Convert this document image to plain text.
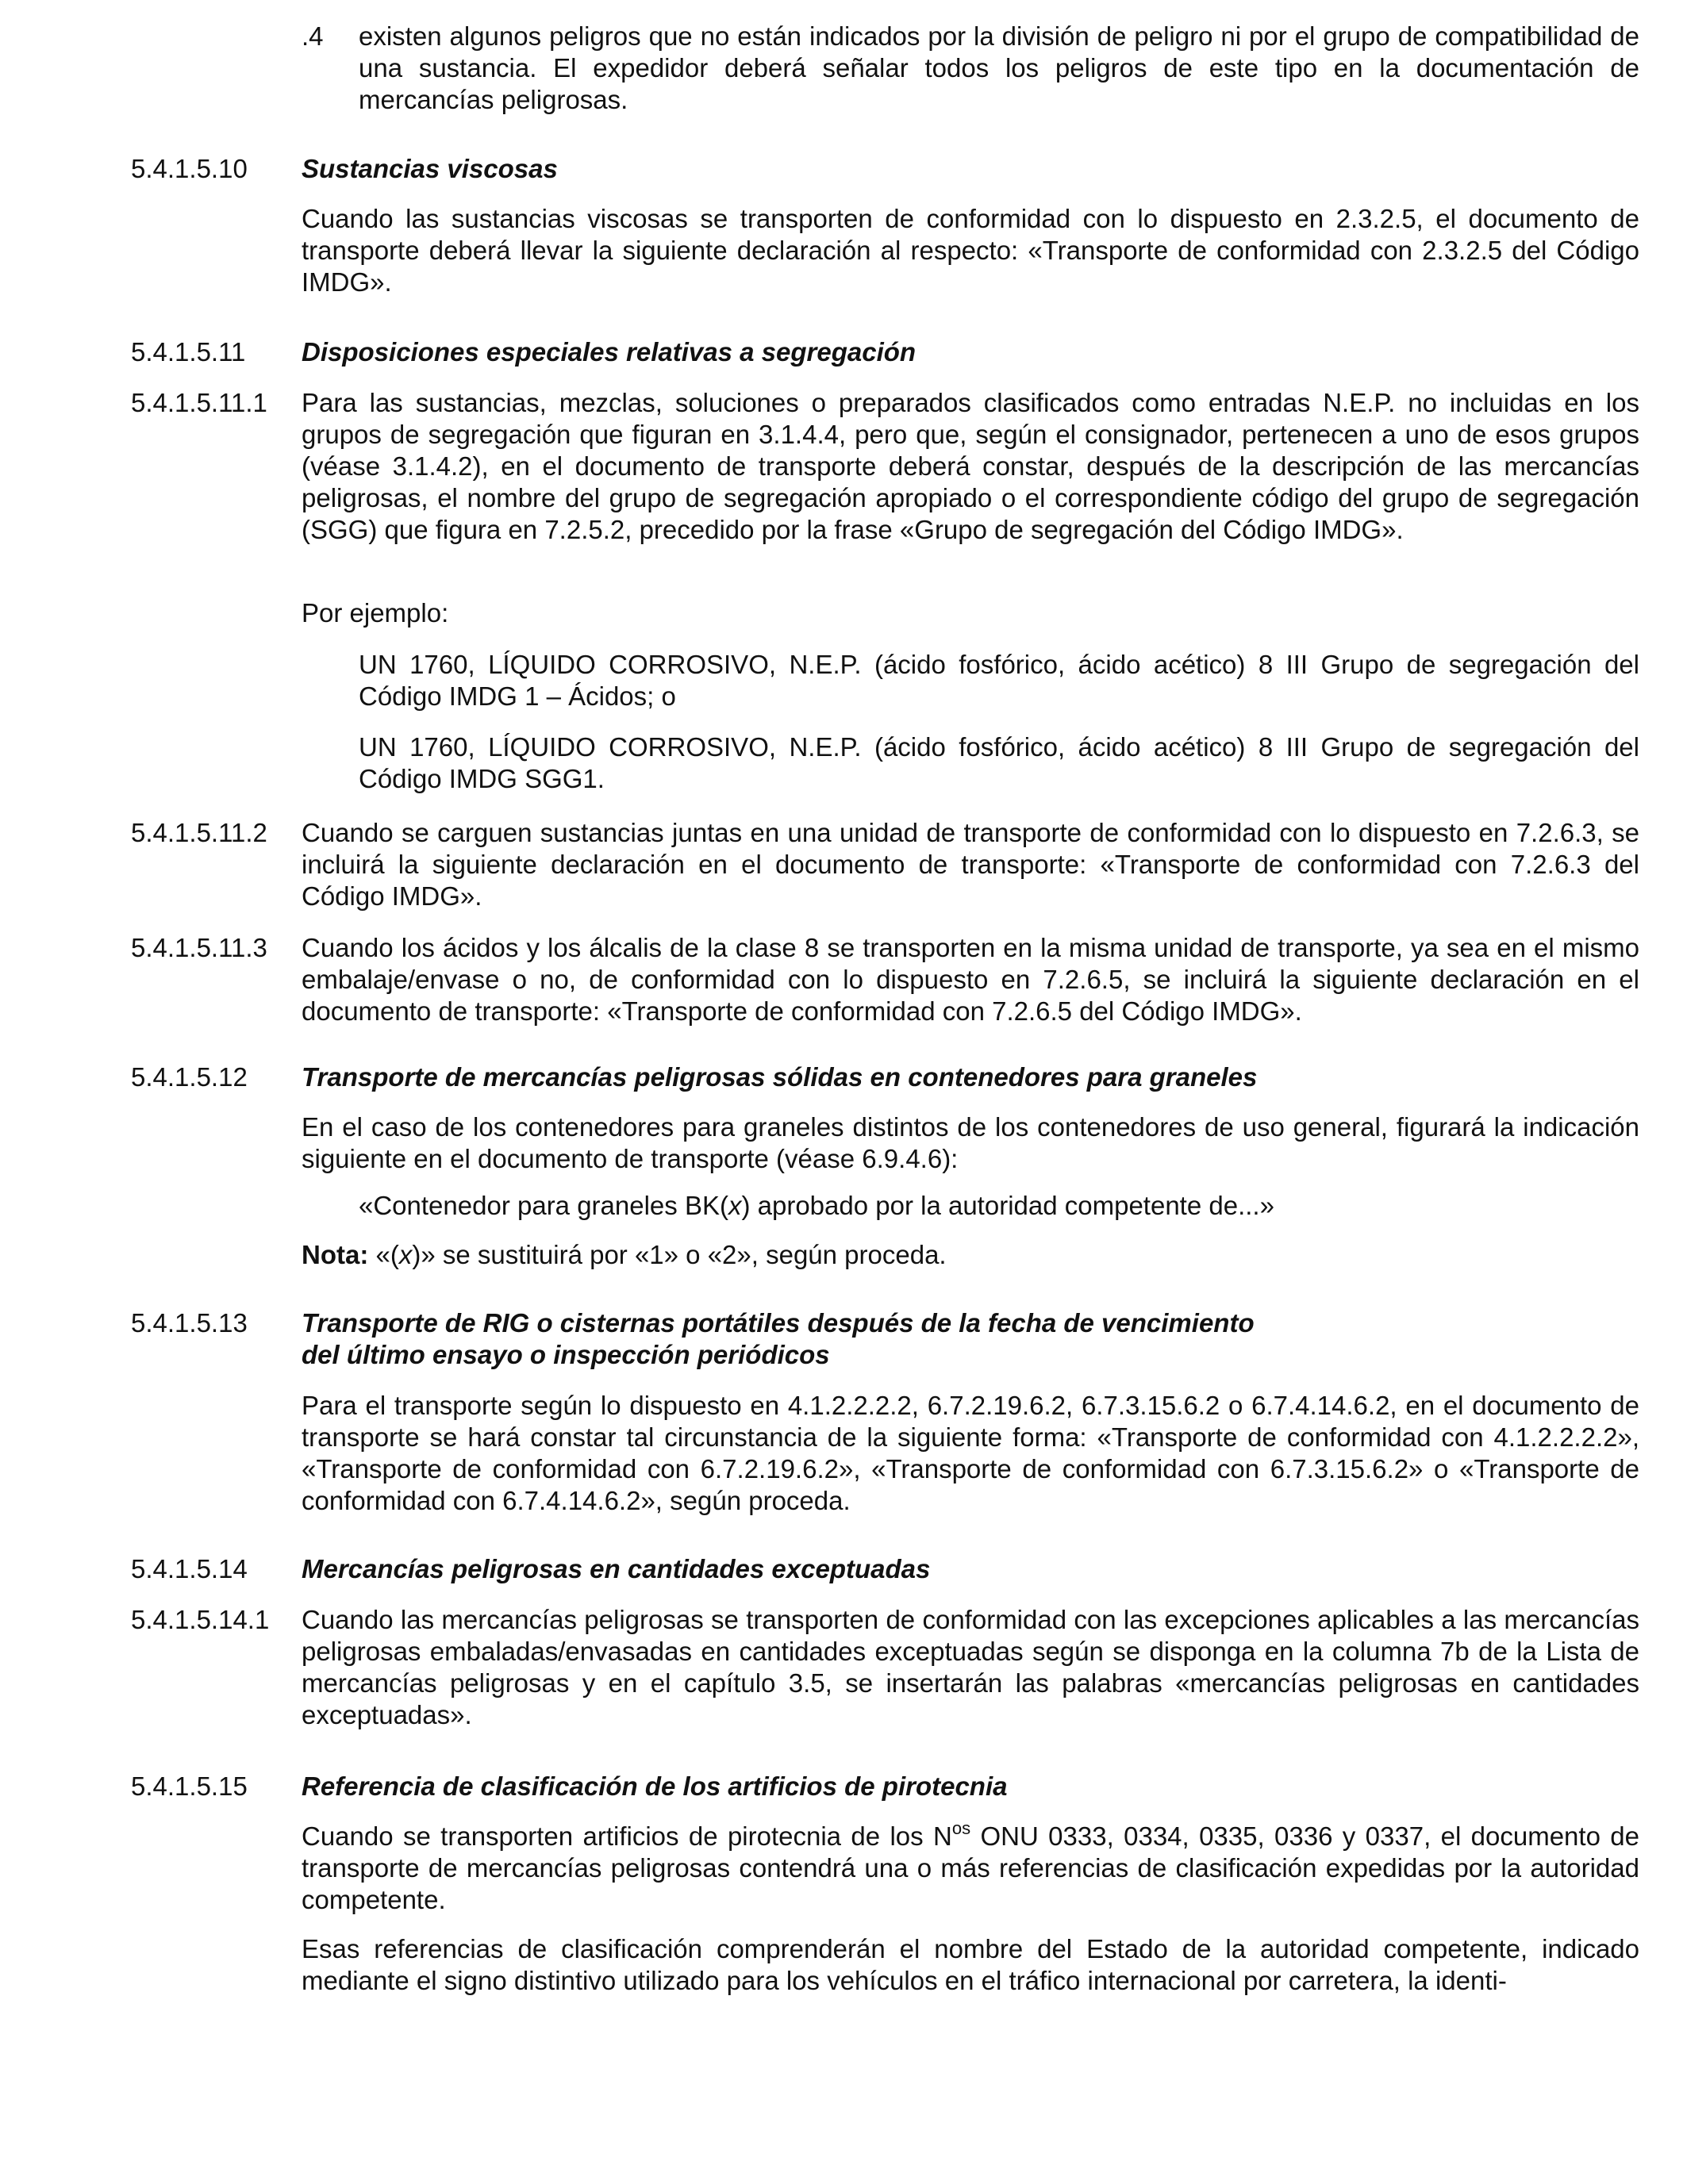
.4 existen algunos peligros que no están indicados por la división de peligro ni por el grupo de compatibilidad de una sustancia. El expedidor deberá señalar todos los peligros de este tipo en la documentación de mercancías peligrosas.

5.4.1.5.10 Sustancias viscosas

Cuando las sustancias viscosas se transporten de conformidad con lo dispuesto en 2.3.2.5, el documento de transporte deberá llevar la siguiente declaración al respecto: «Transporte de conformidad con 2.3.2.5 del Código IMDG».

5.4.1.5.11 Disposiciones especiales relativas a segregación

5.4.1.5.11.1 Para las sustancias, mezclas, soluciones o preparados clasificados como entradas N.E.P. no incluidas en los grupos de segregación que figuran en 3.1.4.4, pero que, según el consignador, pertenecen a uno de esos grupos (véase 3.1.4.2), en el documento de transporte deberá constar, después de la descripción de las mercancías peligrosas, el nombre del grupo de segregación apropiado o el correspondiente código del grupo de segregación (SGG) que figura en 7.2.5.2, precedido por la frase «Grupo de segregación del Código IMDG».

Por ejemplo:

UN 1760, LÍQUIDO CORROSIVO, N.E.P. (ácido fosfórico, ácido acético) 8 III Grupo de segregación del Código IMDG 1 – Ácidos; o

UN 1760, LÍQUIDO CORROSIVO, N.E.P. (ácido fosfórico, ácido acético) 8 III Grupo de segregación del Código IMDG SGG1.

5.4.1.5.11.2 Cuando se carguen sustancias juntas en una unidad de transporte de conformidad con lo dispuesto en 7.2.6.3, se incluirá la siguiente declaración en el documento de transporte: «Transporte de conformidad con 7.2.6.3 del Código IMDG».

5.4.1.5.11.3 Cuando los ácidos y los álcalis de la clase 8 se transporten en la misma unidad de transporte, ya sea en el mismo embalaje/envase o no, de conformidad con lo dispuesto en 7.2.6.5, se incluirá la siguiente declaración en el documento de transporte: «Transporte de conformidad con 7.2.6.5 del Código IMDG».

5.4.1.5.12 Transporte de mercancías peligrosas sólidas en contenedores para graneles

En el caso de los contenedores para graneles distintos de los contenedores de uso general, figurará la indicación siguiente en el documento de transporte (véase 6.9.4.6):

«Contenedor para graneles BK(x) aprobado por la autoridad competente de...»

Nota: «(x)» se sustituirá por «1» o «2», según proceda.

5.4.1.5.13 Transporte de RIG o cisternas portátiles después de la fecha de vencimiento
del último ensayo o inspección periódicos

Para el transporte según lo dispuesto en 4.1.2.2.2.2, 6.7.2.19.6.2, 6.7.3.15.6.2 o 6.7.4.14.6.2, en el documento de transporte se hará constar tal circunstancia de la siguiente forma: «Transporte de conformidad con 4.1.2.2.2.2», «Transporte de conformidad con 6.7.2.19.6.2», «Transporte de conformidad con 6.7.3.15.6.2» o «Transporte de conformidad con 6.7.4.14.6.2», según proceda.

5.4.1.5.14 Mercancías peligrosas en cantidades exceptuadas

5.4.1.5.14.1 Cuando las mercancías peligrosas se transporten de conformidad con las excepciones aplicables a las mercancías peligrosas embaladas/envasadas en cantidades exceptuadas según se disponga en la columna 7b de la Lista de mercancías peligrosas y en el capítulo 3.5, se insertarán las palabras «mercancías peligrosas en cantidades exceptuadas».

5.4.1.5.15 Referencia de clasificación de los artificios de pirotecnia

Cuando se transporten artificios de pirotecnia de los $N^{os}$ ONU 0333, 0334, 0335, 0336 y 0337, el documento de transporte de mercancías peligrosas contendrá una o más referencias de clasificación expedidas por la autoridad competente.

Esas referencias de clasificación comprenderán el nombre del Estado de la autoridad competente, indicado mediante el signo distintivo utilizado para los vehículos en el tráfico internacional por carretera, la identi-
